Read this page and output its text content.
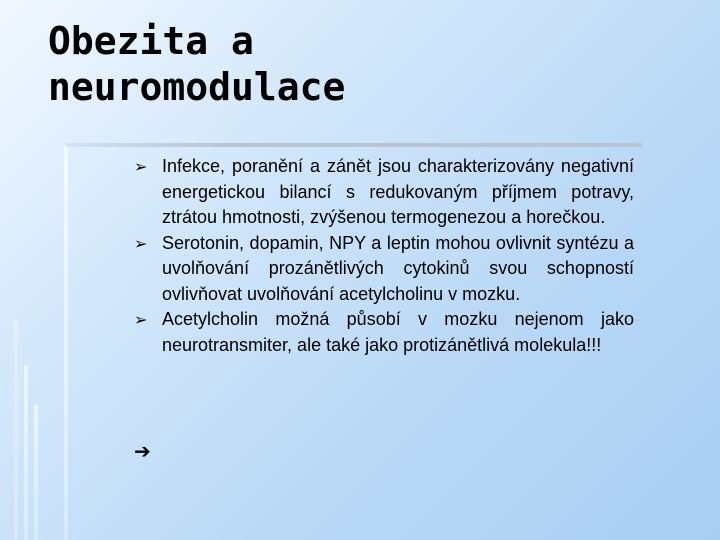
Obezita a
neuromodulace
➢ Infekce, poranění a zánět jsou charakterizovány negativní energetickou bilancí s redukovaným příjmem potravy, ztrátou hmotnosti, zvýšenou termogenezou a horečkou.
➢ Serotonin, dopamin, NPY a leptin mohou ovlivnit syntézu a uvolňování prozánětlivých cytokinů svou schopností ovlivňovat uvolňování acetylcholinu v mozku.
➢ Acetylcholin možná působí v mozku nejenom jako neurotransmiter, ale také jako protizánětlivá molekula!!!
➔
